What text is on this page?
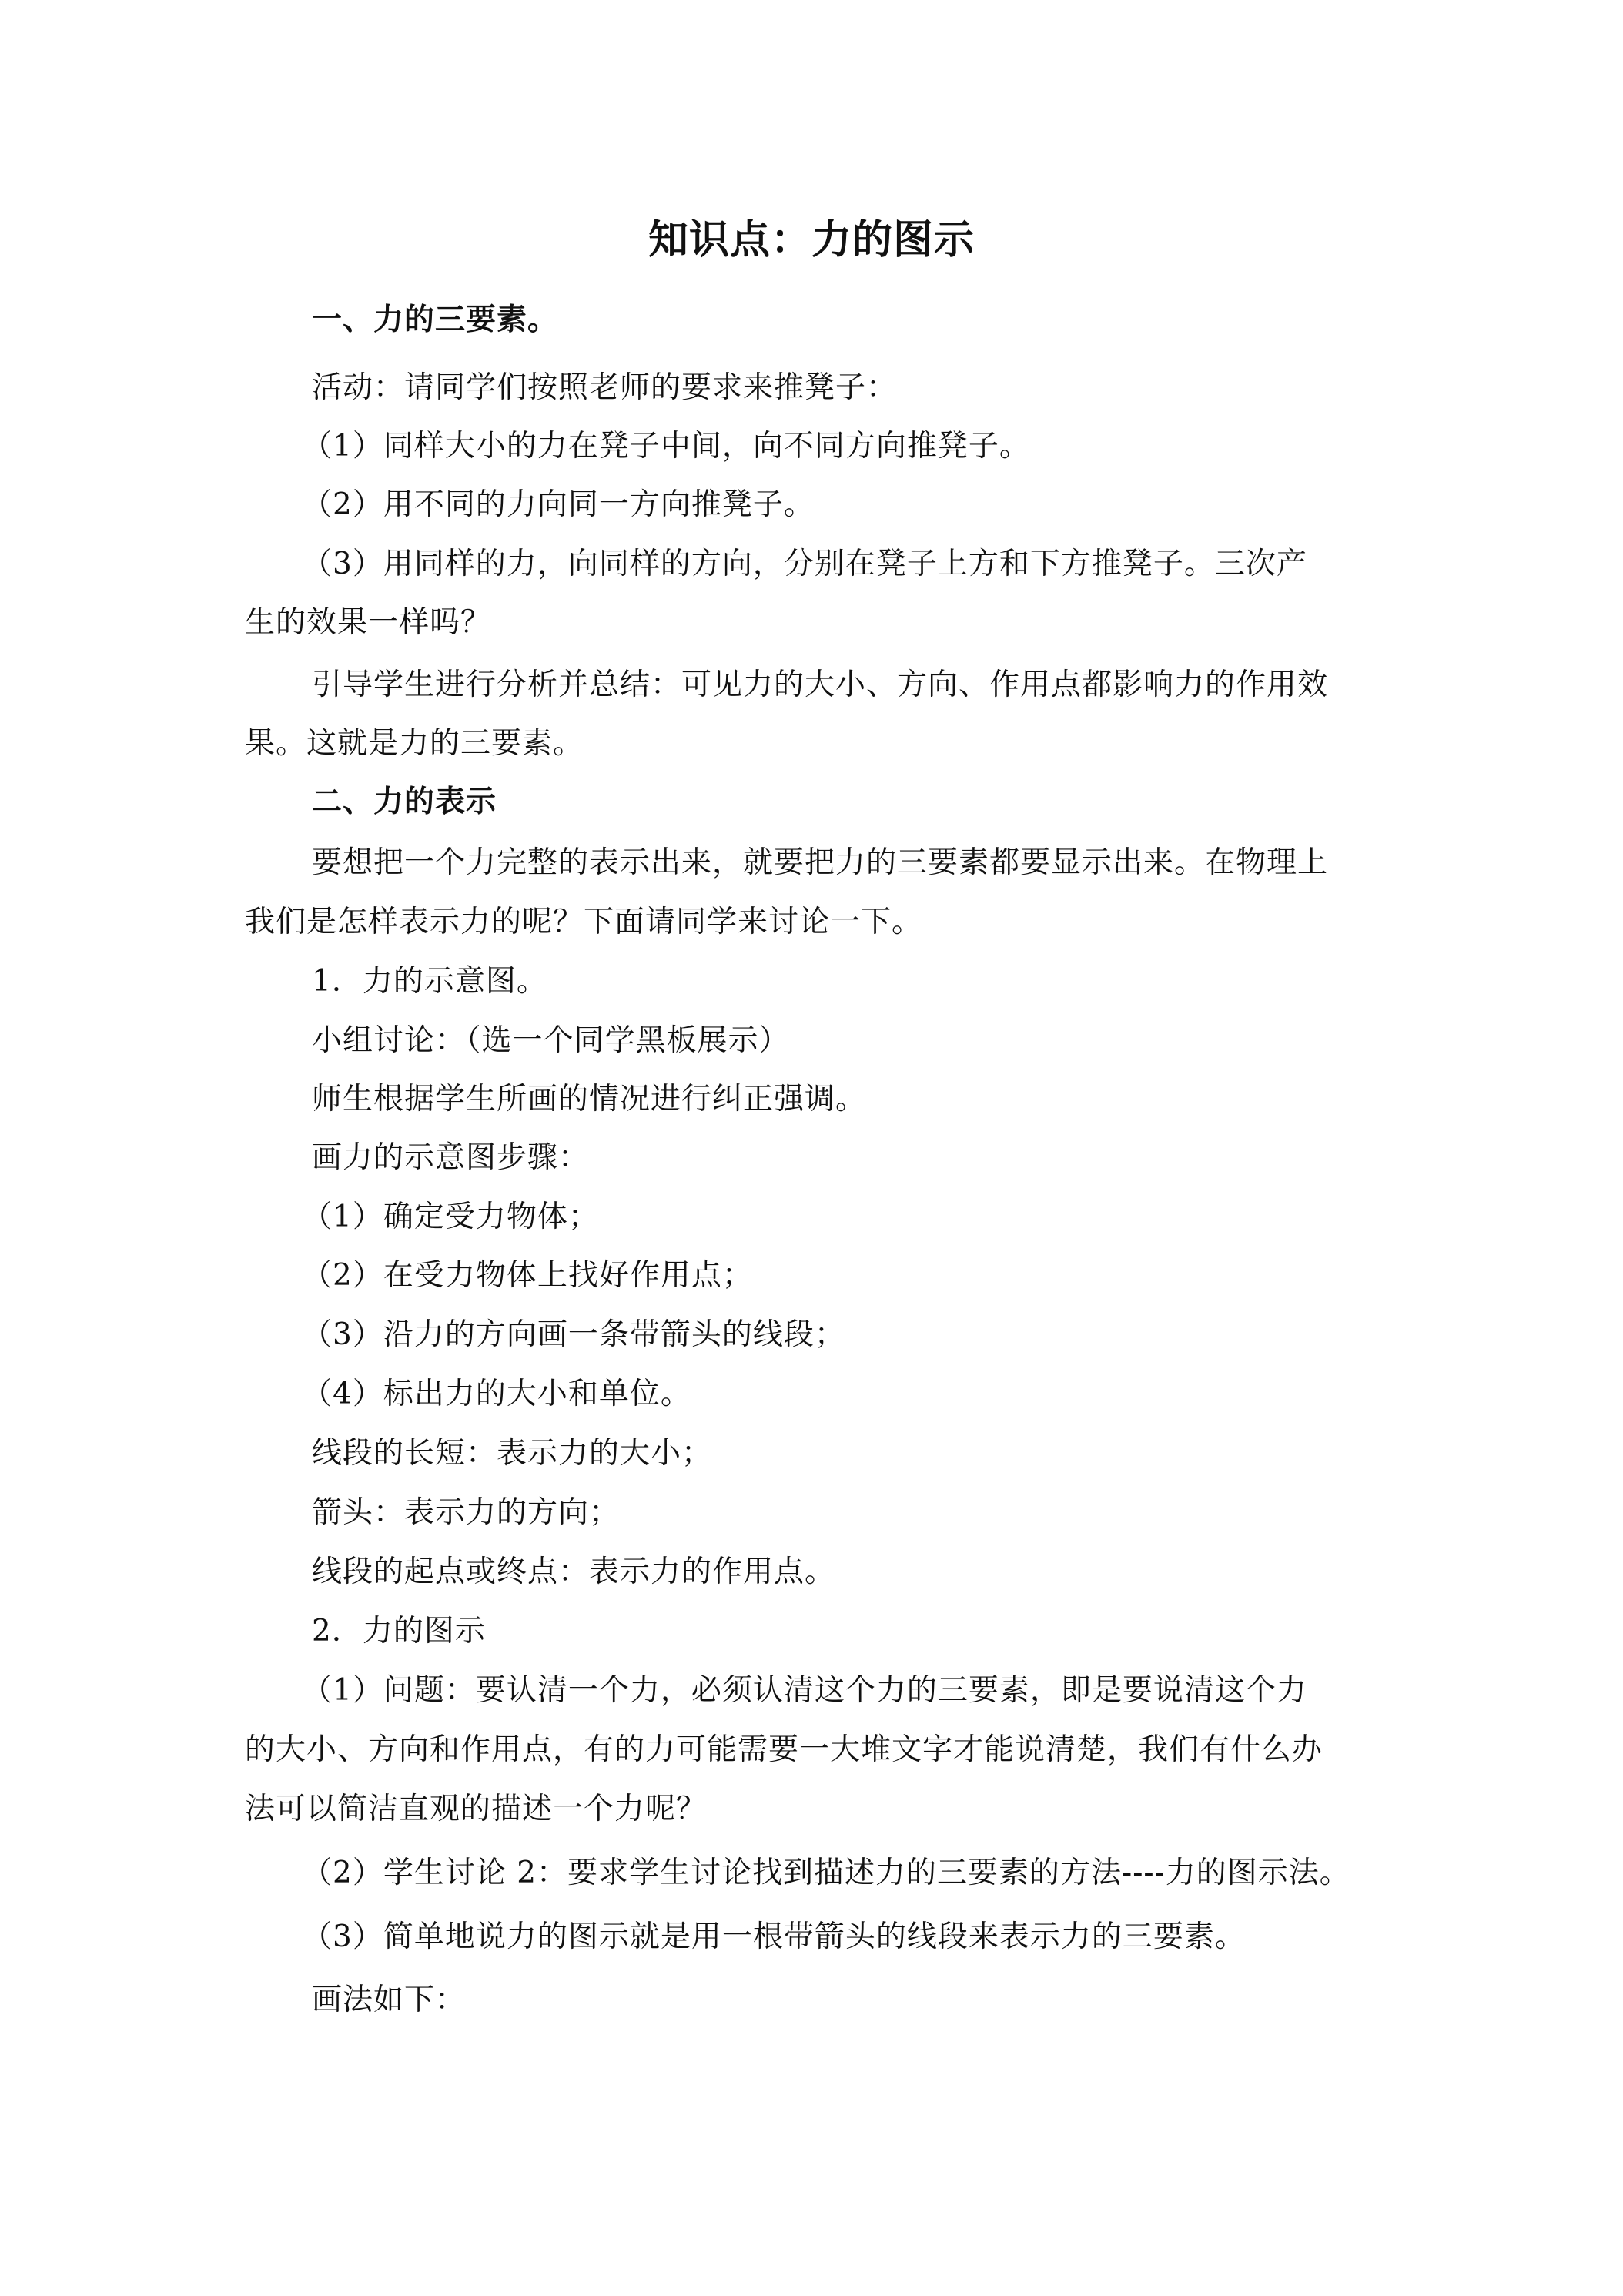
知识点：力的图示
一、力的三要素。
活动：请同学们按照老师的要求来推凳子：
（1）同样大小的力在凳子中间，向不同方向推凳子。
（2）用不同的力向同一方向推凳子。
（3）用同样的力，向同样的方向，分别在凳子上方和下方推凳子。三次产
生的效果一样吗？
引导学生进行分析并总结：可见力的大小、方向、作用点都影响力的作用效
果。这就是力的三要素。
二、力的表示
要想把一个力完整的表示出来，就要把力的三要素都要显示出来。在物理上
我们是怎样表示力的呢？下面请同学来讨论一下。
1．力的示意图。
小组讨论：（选一个同学黑板展示）
师生根据学生所画的情况进行纠正强调。
画力的示意图步骤：
（1）确定受力物体；
（2）在受力物体上找好作用点；
（3）沿力的方向画一条带箭头的线段；
（4）标出力的大小和单位。
线段的长短：表示力的大小；
箭头：表示力的方向；
线段的起点或终点：表示力的作用点。
2．力的图示
（1）问题：要认清一个力，必须认清这个力的三要素，即是要说清这个力
的大小、方向和作用点，有的力可能需要一大堆文字才能说清楚，我们有什么办
法可以简洁直观的描述一个力呢？
（2）学生讨论 2：要求学生讨论找到描述力的三要素的方法----力的图示法。
（3）简单地说力的图示就是用一根带箭头的线段来表示力的三要素。
画法如下：
